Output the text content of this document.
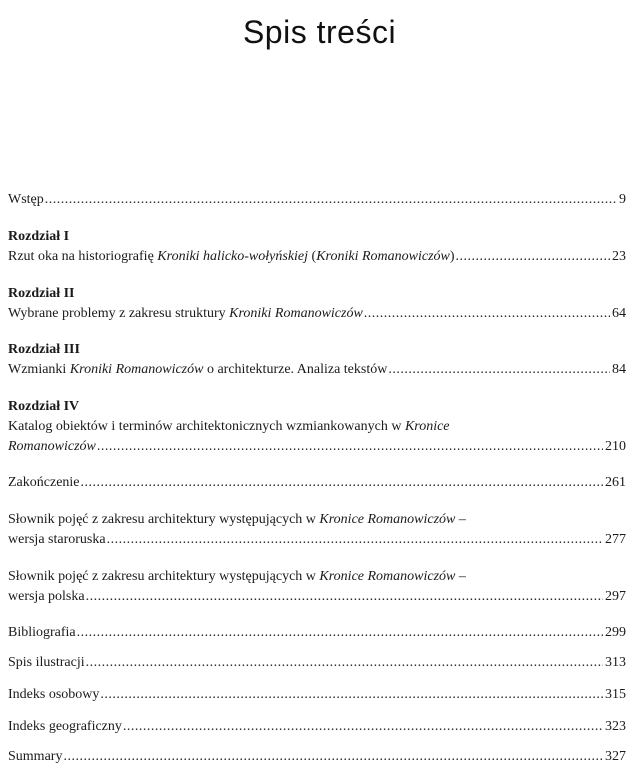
Spis treści
Wstęp .....	9
Rozdział I
Rzut oka na historiografię Kroniki halicko-wołyńskiej (Kroniki Romanowiczów) .....	23
Rozdział II
Wybrane problemy z zakresu struktury Kroniki Romanowiczów .....	64
Rozdział III
Wzmianki Kroniki Romanowiczów o architekturze. Analiza tekstów .....	84
Rozdział IV
Katalog obiektów i terminów architektonicznych wzmiankowanych w Kronice
Romanowiczów .....	210
Zakończenie .....	261
Słownik pojęć z zakresu architektury występujących w Kronice Romanowiczów –
wersja staroruska .....	277
Słownik pojęć z zakresu architektury występujących w Kronice Romanowiczów –
wersja polska .....	297
Bibliografia .....	299
Spis ilustracji .....	313
Indeks osobowy .....	315
Indeks geograficzny .....	323
Summary .....	327
